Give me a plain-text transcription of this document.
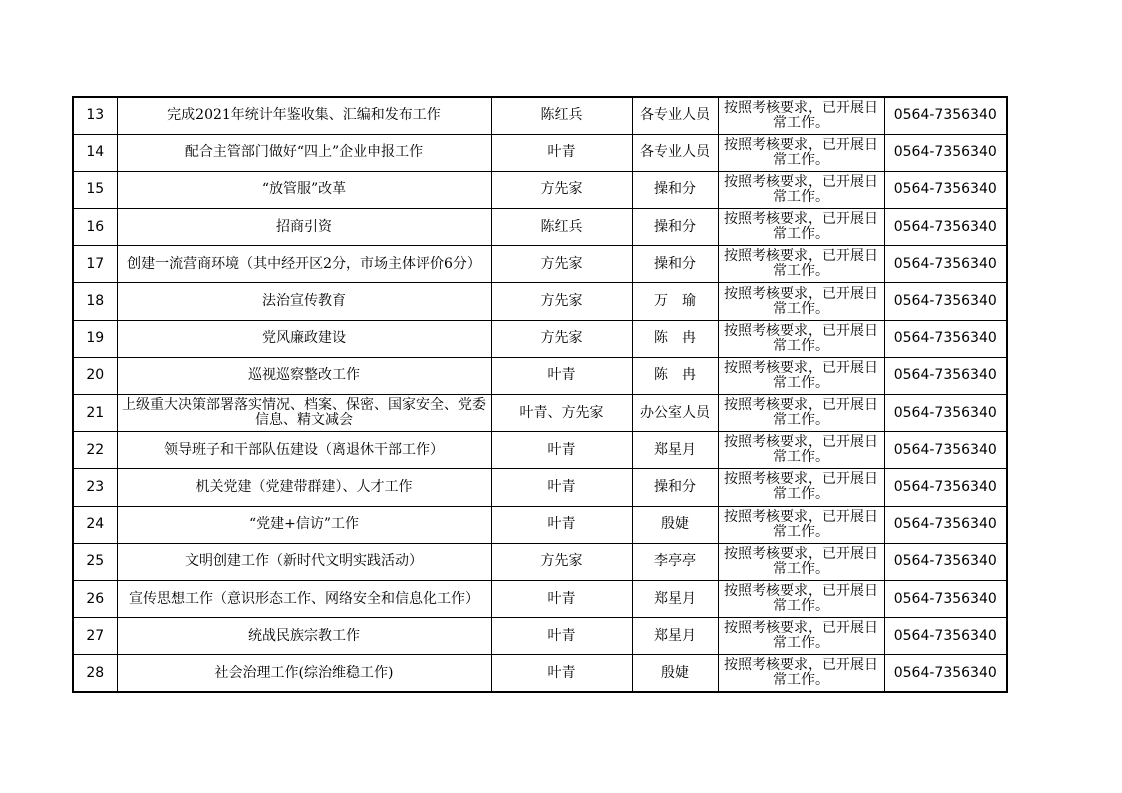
13	完成2021年统计年鉴收集、汇编和发布工作	陈红兵	各专业人员	按照考核要求，已开展日常工作。	0564-7356340
14	配合主管部门做好“四上”企业申报工作	叶青	各专业人员	按照考核要求，已开展日常工作。	0564-7356340
15	“放管服”改革	方先家	操和分	按照考核要求，已开展日常工作。	0564-7356340
16	招商引资	陈红兵	操和分	按照考核要求，已开展日常工作。	0564-7356340
17	创建一流营商环境（其中经开区2分，市场主体评价6分）	方先家	操和分	按照考核要求，已开展日常工作。	0564-7356340
18	法治宣传教育	方先家	万　瑜	按照考核要求，已开展日常工作。	0564-7356340
19	党风廉政建设	方先家	陈　冉	按照考核要求，已开展日常工作。	0564-7356340
20	巡视巡察整改工作	叶青	陈　冉	按照考核要求，已开展日常工作。	0564-7356340
21	上级重大决策部署落实情况、档案、保密、国家安全、党委信息、精文减会	叶青、方先家	办公室人员	按照考核要求，已开展日常工作。	0564-7356340
22	领导班子和干部队伍建设（离退休干部工作）	叶青	郑星月	按照考核要求，已开展日常工作。	0564-7356340
23	机关党建（党建带群建）、人才工作	叶青	操和分	按照考核要求，已开展日常工作。	0564-7356340
24	“党建+信访”工作	叶青	殷婕	按照考核要求，已开展日常工作。	0564-7356340
25	文明创建工作（新时代文明实践活动）	方先家	李亭亭	按照考核要求，已开展日常工作。	0564-7356340
26	宣传思想工作（意识形态工作、网络安全和信息化工作）	叶青	郑星月	按照考核要求，已开展日常工作。	0564-7356340
27	统战民族宗教工作	叶青	郑星月	按照考核要求，已开展日常工作。	0564-7356340
28	社会治理工作(综治维稳工作)	叶青	殷婕	按照考核要求，已开展日常工作。	0564-7356340
